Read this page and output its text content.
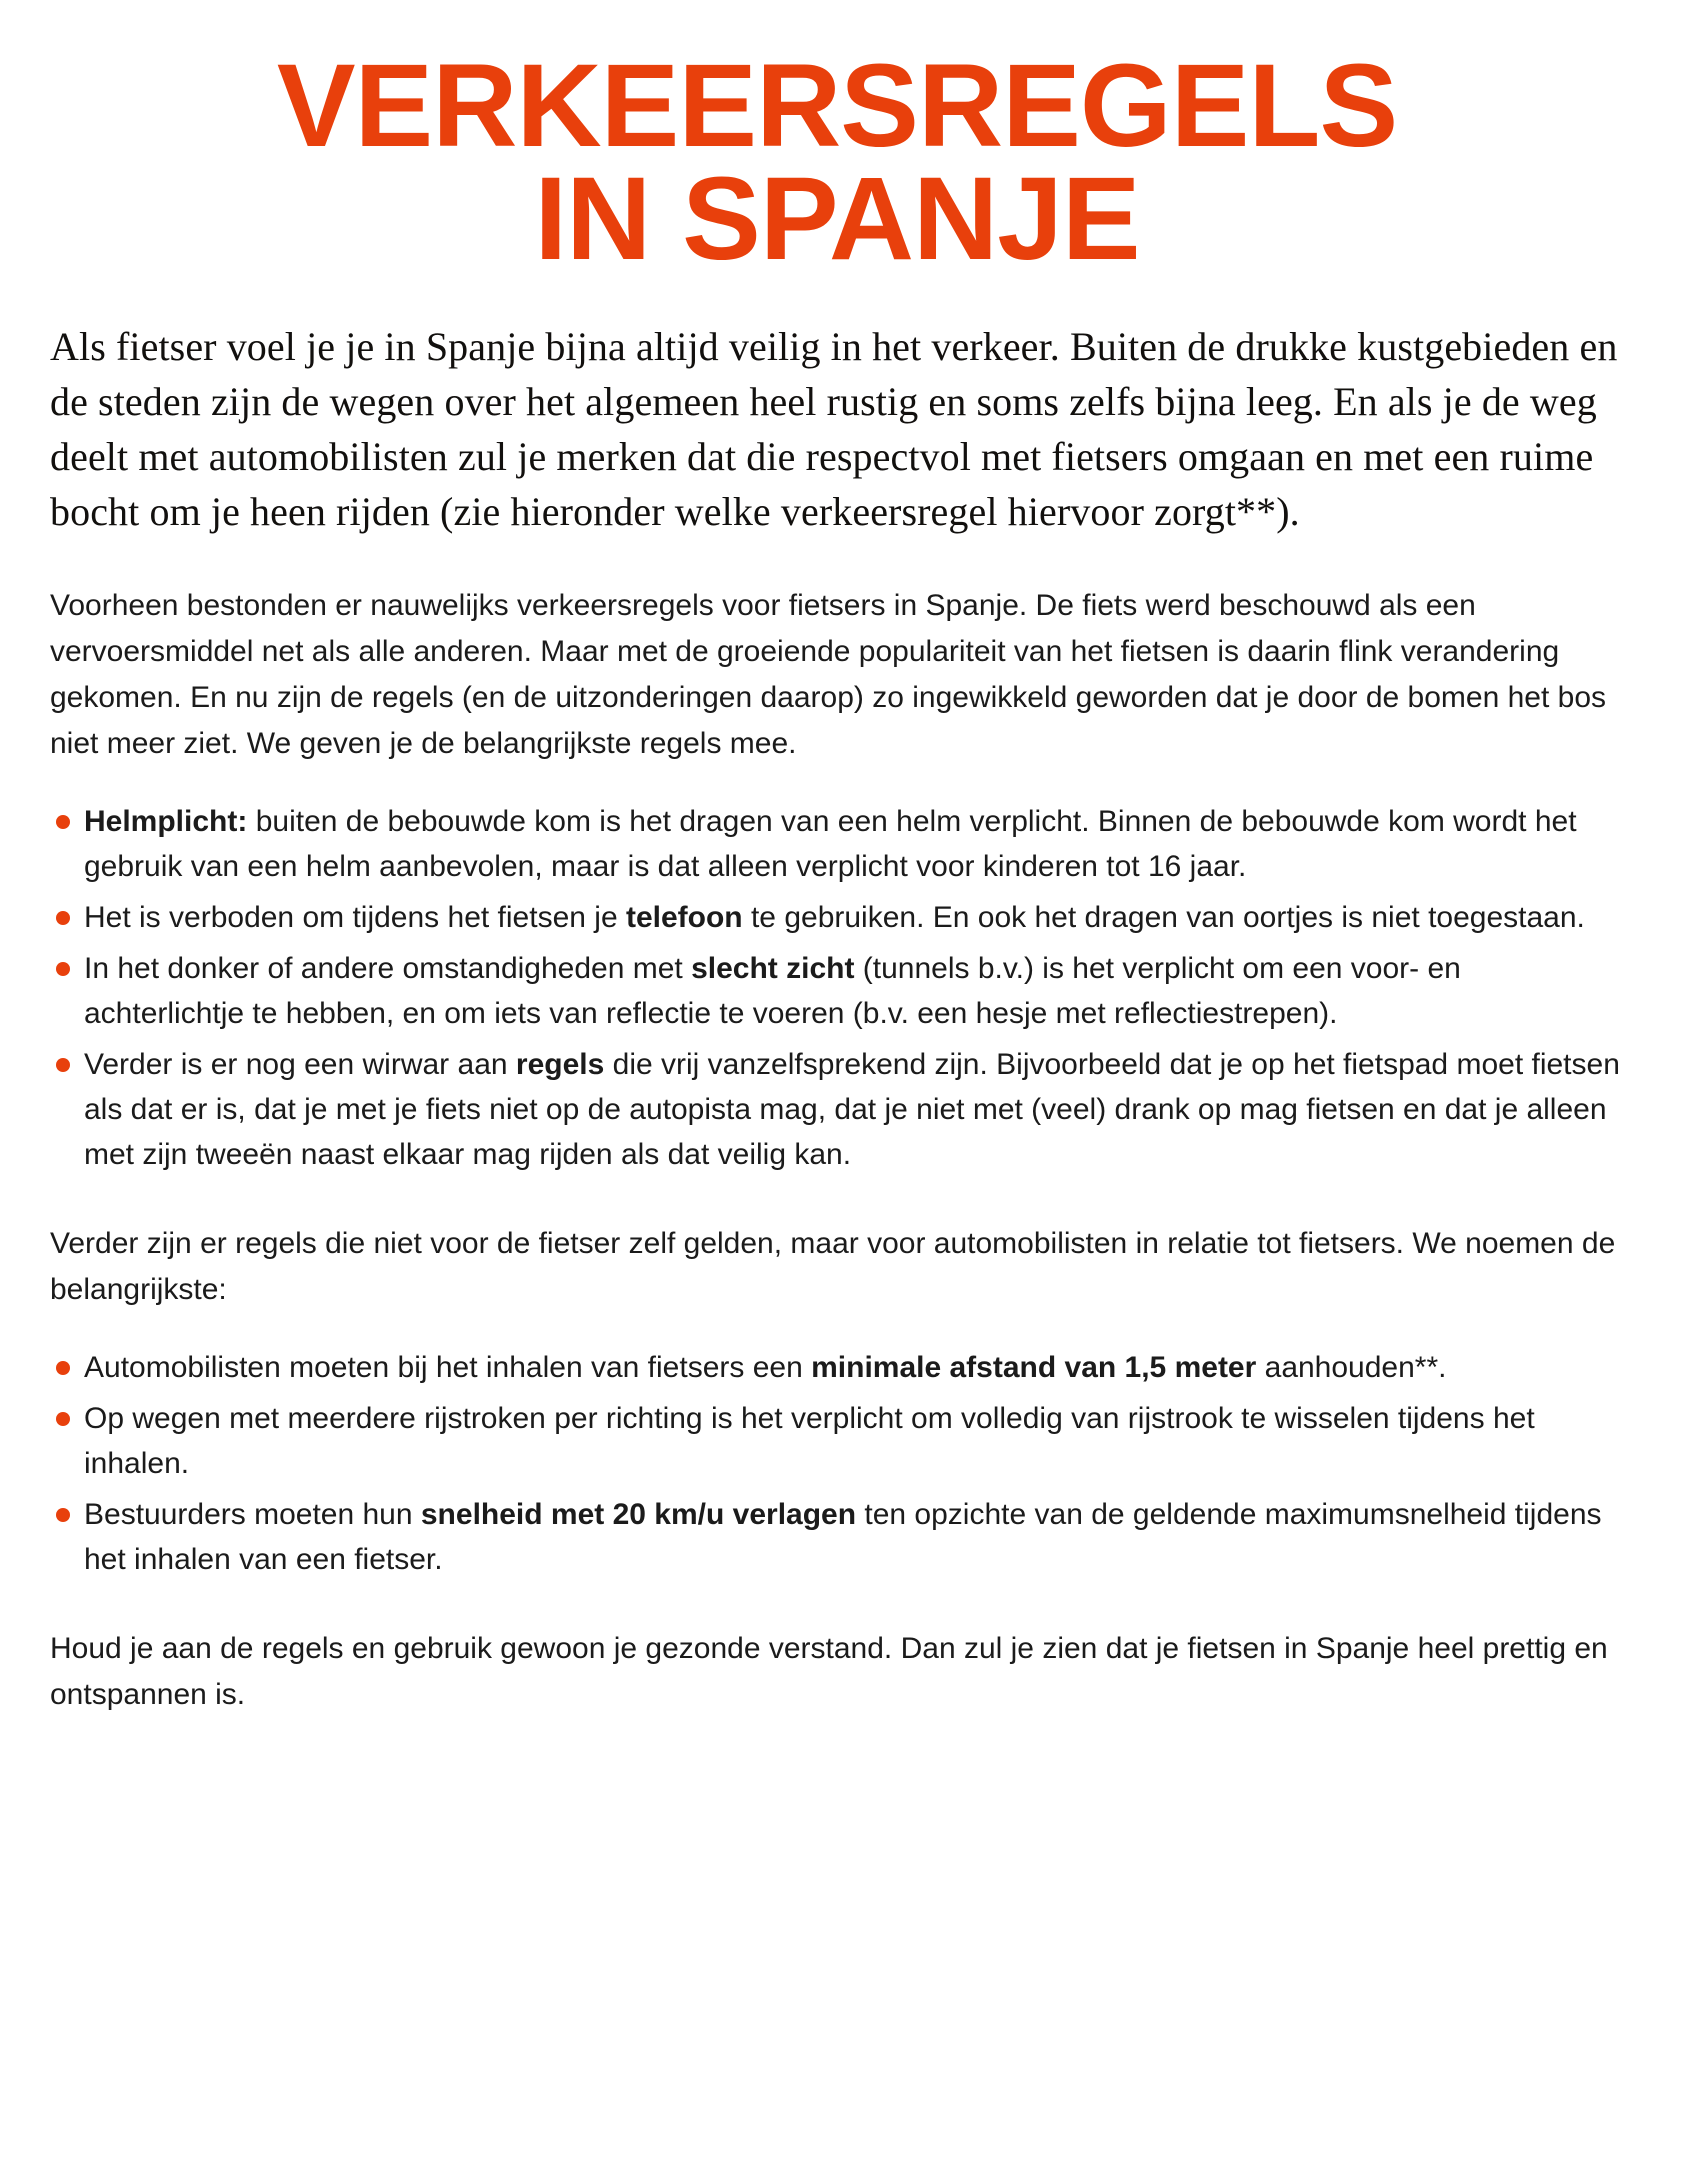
VERKEERSREGELS
IN SPANJE

Als fietser voel je je in Spanje bijna altijd veilig in het verkeer. Buiten de drukke kustgebieden en de steden zijn de wegen over het algemeen heel rustig en soms zelfs bijna leeg. En als je de weg deelt met automobilisten zul je merken dat die respectvol met fietsers omgaan en met een ruime bocht om je heen rijden (zie hieronder welke verkeersregel hiervoor zorgt**).

Voorheen bestonden er nauwelijks verkeersregels voor fietsers in Spanje. De fiets werd beschouwd als een vervoersmiddel net als alle anderen. Maar met de groeiende populariteit van het fietsen is daarin flink verandering gekomen. En nu zijn de regels (en de uitzonderingen daarop) zo ingewikkeld geworden dat je door de bomen het bos niet meer ziet. We geven je de belangrijkste regels mee.

Helmplicht: buiten de bebouwde kom is het dragen van een helm verplicht. Binnen de bebouwde kom wordt het gebruik van een helm aanbevolen, maar is dat alleen verplicht voor kinderen tot 16 jaar.
Het is verboden om tijdens het fietsen je telefoon te gebruiken. En ook het dragen van oortjes is niet toegestaan.
In het donker of andere omstandigheden met slecht zicht (tunnels b.v.) is het verplicht om een voor- en achterlichtje te hebben, en om iets van reflectie te voeren (b.v. een hesje met reflectiestrepen).
Verder is er nog een wirwar aan regels die vrij vanzelfsprekend zijn. Bijvoorbeeld dat je op het fietspad moet fietsen als dat er is, dat je met je fiets niet op de autopista mag, dat je niet met (veel) drank op mag fietsen en dat je alleen met zijn tweeën naast elkaar mag rijden als dat veilig kan.

Verder zijn er regels die niet voor de fietser zelf gelden, maar voor automobilisten in relatie tot fietsers. We noemen de belangrijkste:

Automobilisten moeten bij het inhalen van fietsers een minimale afstand van 1,5 meter aanhouden**.
Op wegen met meerdere rijstroken per richting is het verplicht om volledig van rijstrook te wisselen tijdens het inhalen.
Bestuurders moeten hun snelheid met 20 km/u verlagen ten opzichte van de geldende maximumsnelheid tijdens het inhalen van een fietser.

Houd je aan de regels en gebruik gewoon je gezonde verstand. Dan zul je zien dat je fietsen in Spanje heel prettig en ontspannen is.
